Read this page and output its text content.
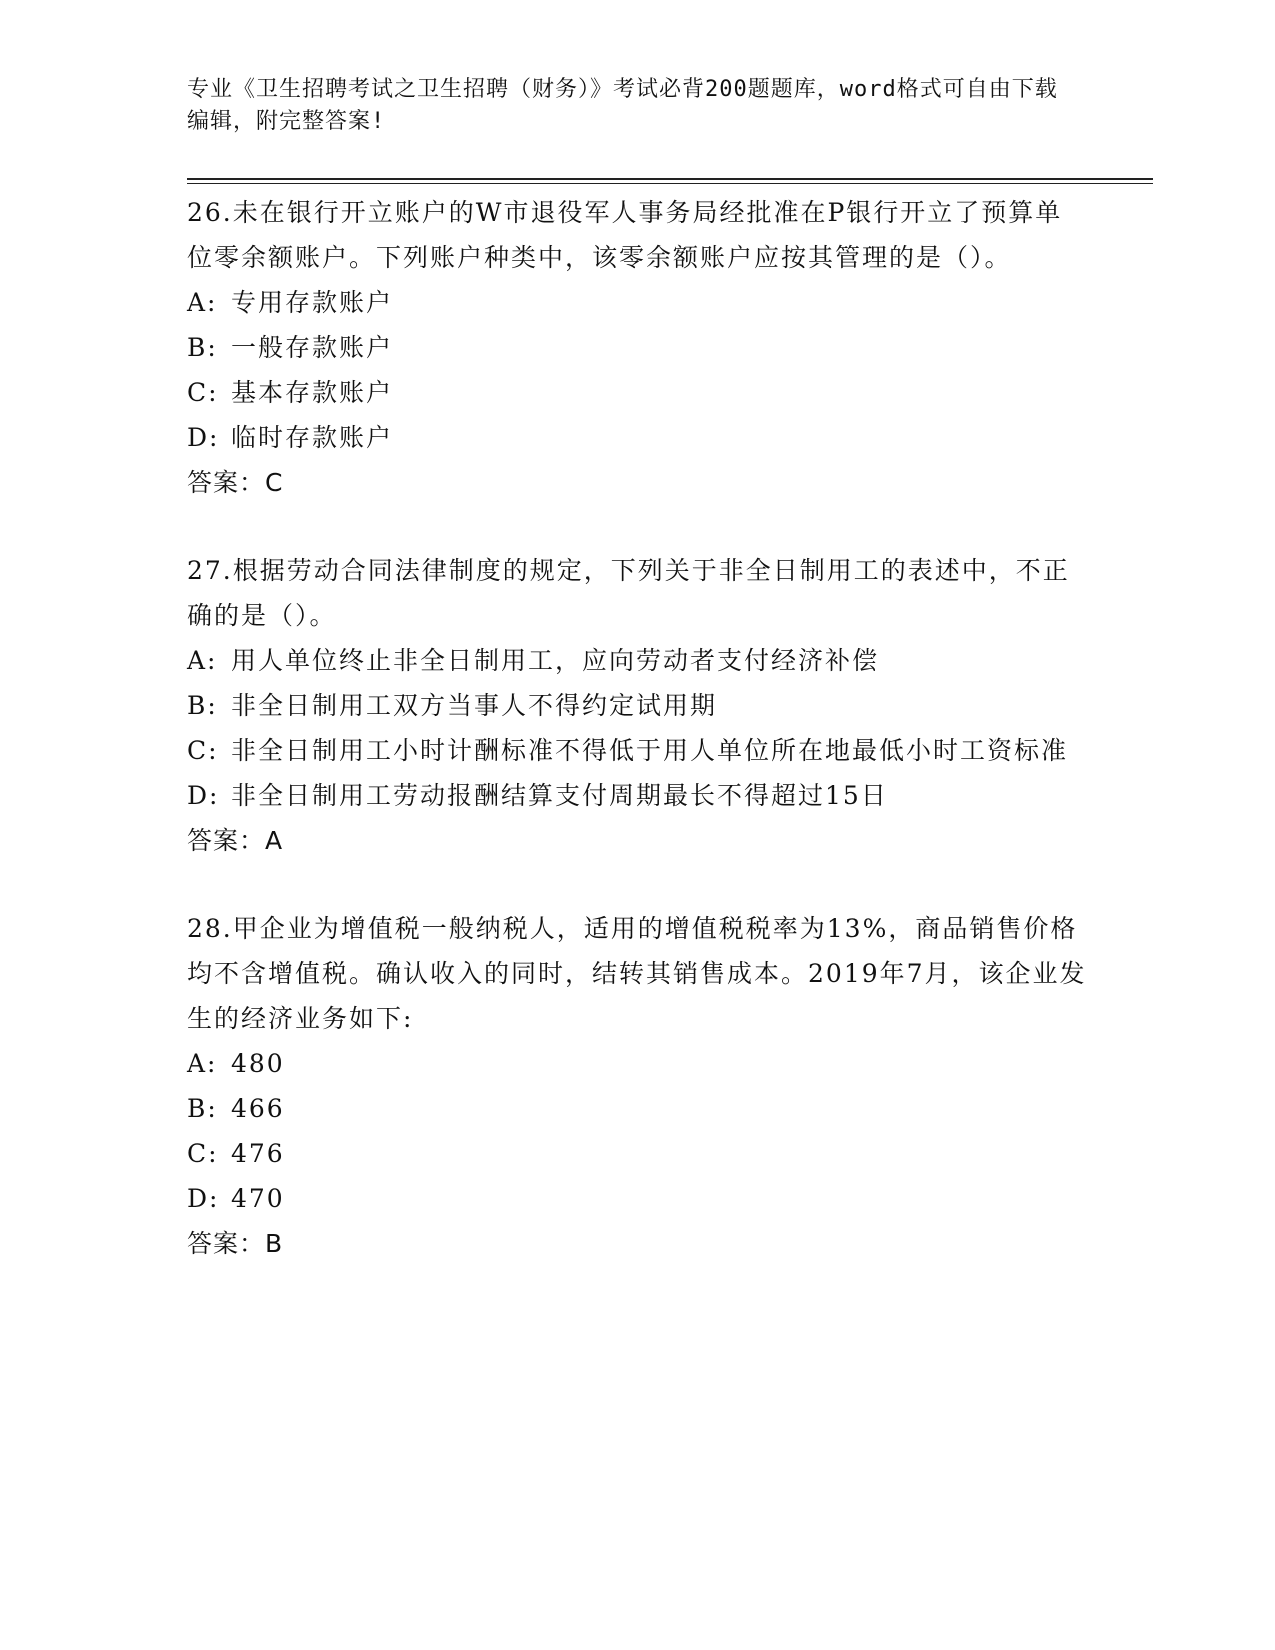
专业《卫生招聘考试之卫生招聘（财务）》考试必背200题题库，word格式可自由下载编辑，附完整答案!

26.未在银行开立账户的W市退役军人事务局经批准在P银行开立了预算单位零余额账户。下列账户种类中，该零余额账户应按其管理的是（）。

A: 专用存款账户

B: 一般存款账户

C: 基本存款账户

D: 临时存款账户

答案：C

27.根据劳动合同法律制度的规定，下列关于非全日制用工的表述中，不正确的是（）。

A: 用人单位终止非全日制用工，应向劳动者支付经济补偿

B: 非全日制用工双方当事人不得约定试用期

C: 非全日制用工小时计酬标准不得低于用人单位所在地最低小时工资标准

D: 非全日制用工劳动报酬结算支付周期最长不得超过15日

答案：A

28.甲企业为增值税一般纳税人，适用的增值税税率为13%，商品销售价格均不含增值税。确认收入的同时，结转其销售成本。2019年7月，该企业发生的经济业务如下:

A: 480

B: 466

C: 476

D: 470

答案：B
